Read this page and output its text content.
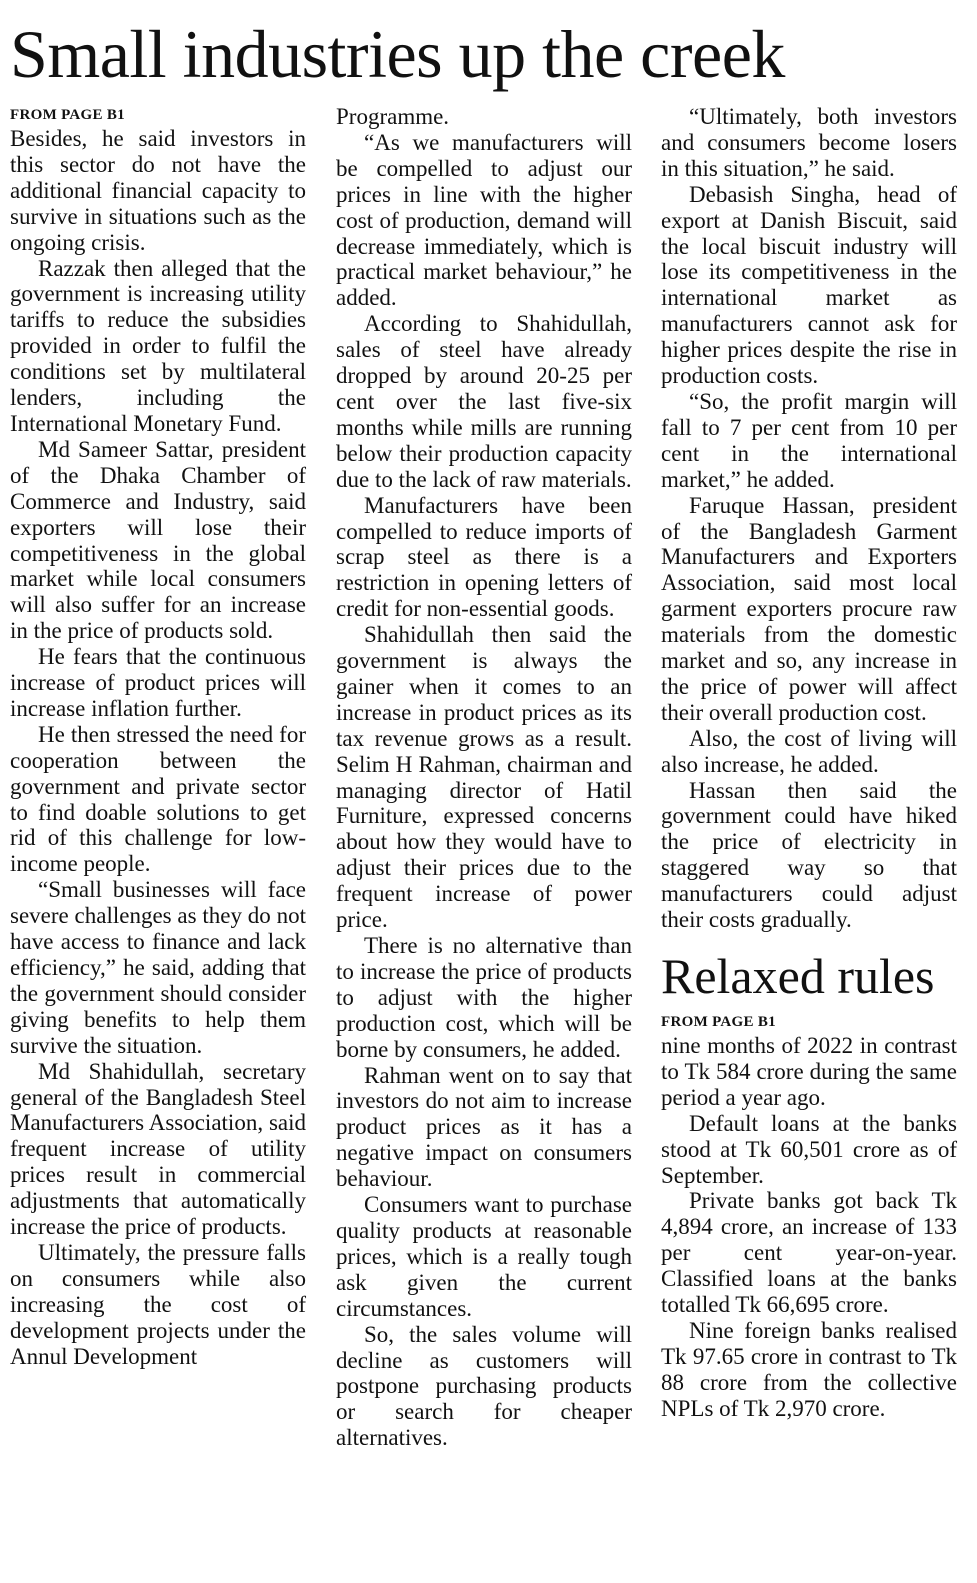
Small industries up the creek
FROM PAGE B1

Besides, he said investors in this sector do not have the additional financial capacity to survive in situations such as the ongoing crisis.

Razzak then alleged that the government is increasing utility tariffs to reduce the subsidies provided in order to fulfil the conditions set by multilateral lenders, including the International Monetary Fund.

Md Sameer Sattar, president of the Dhaka Chamber of Commerce and Industry, said exporters will lose their competitiveness in the global market while local consumers will also suffer for an increase in the price of products sold.

He fears that the continuous increase of product prices will increase inflation further.

He then stressed the need for cooperation between the government and private sector to find doable solutions to get rid of this challenge for low-income people.

“Small businesses will face severe challenges as they do not have access to finance and lack efficiency,” he said, adding that the government should consider giving benefits to help them survive the situation.

Md Shahidullah, secretary general of the Bangladesh Steel Manufacturers Association, said frequent increase of utility prices result in commercial adjustments that automatically increase the price of products.

Ultimately, the pressure falls on consumers while also increasing the cost of development projects under the Annul Development

Programme.

“As we manufacturers will be compelled to adjust our prices in line with the higher cost of production, demand will decrease immediately, which is practical market behaviour,” he added.

According to Shahidullah, sales of steel have already dropped by around 20-25 per cent over the last five-six months while mills are running below their production capacity due to the lack of raw materials.

Manufacturers have been compelled to reduce imports of scrap steel as there is a restriction in opening letters of credit for non-essential goods.

Shahidullah then said the government is always the gainer when it comes to an increase in product prices as its tax revenue grows as a result. Selim H Rahman, chairman and managing director of Hatil Furniture, expressed concerns about how they would have to adjust their prices due to the frequent increase of power price.

There is no alternative than to increase the price of products to adjust with the higher production cost, which will be borne by consumers, he added.

Rahman went on to say that investors do not aim to increase product prices as it has a negative impact on consumers behaviour.

Consumers want to purchase quality products at reasonable prices, which is a really tough ask given the current circumstances.

So, the sales volume will decline as customers will postpone purchasing products or search for cheaper alternatives.

“Ultimately, both investors and consumers become losers in this situation,” he said.

Debasish Singha, head of export at Danish Biscuit, said the local biscuit industry will lose its competitiveness in the international market as manufacturers cannot ask for higher prices despite the rise in production costs.

“So, the profit margin will fall to 7 per cent from 10 per cent in the international market,” he added.

Faruque Hassan, president of the Bangladesh Garment Manufacturers and Exporters Association, said most local garment exporters procure raw materials from the domestic market and so, any increase in the price of power will affect their overall production cost.

Also, the cost of living will also increase, he added.

Hassan then said the government could have hiked the price of electricity in staggered way so that manufacturers could adjust their costs gradually.

Relaxed rules
FROM PAGE B1

nine months of 2022 in contrast to Tk 584 crore during the same period a year ago.

Default loans at the banks stood at Tk 60,501 crore as of September.

Private banks got back Tk 4,894 crore, an increase of 133 per cent year-on-year. Classified loans at the banks totalled Tk 66,695 crore.

Nine foreign banks realised Tk 97.65 crore in contrast to Tk 88 crore from the collective NPLs of Tk 2,970 crore.
